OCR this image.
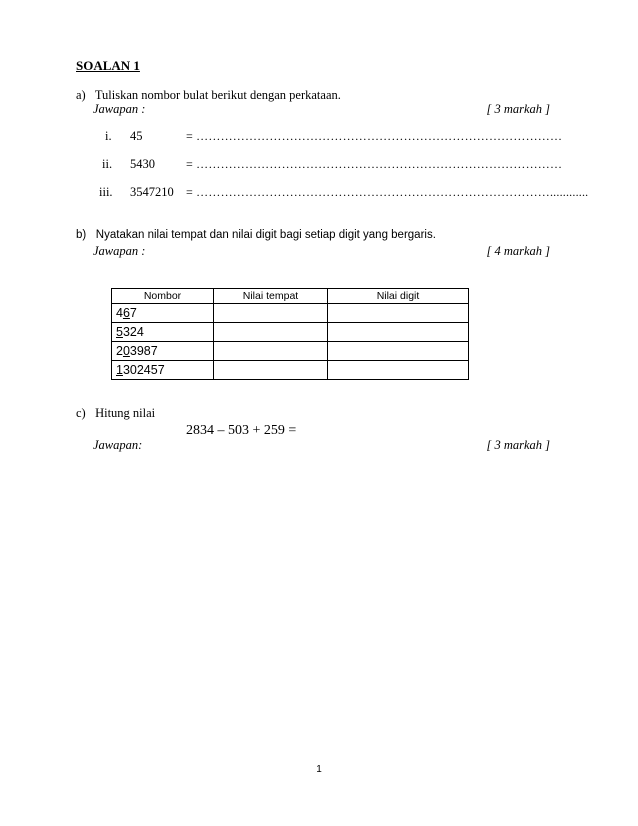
SOALAN 1
a)   Tuliskan nombor bulat berikut dengan perkataan.
Jawapan :	[ 3 markah ]
i. 45	= ………………………………………………………………………………
ii. 5430	= ………………………………………………………………………………
iii. 3547210 = ……………………………………………………………………………............
b)   Nyatakan nilai tempat dan nilai digit bagi setiap digit yang bergaris.
Jawapan :	[ 4 markah ]
Nombor	Nilai tempat	Nilai digit
467		
5324		
203987		
1302457		
c)   Hitung nilai
2834 – 503 + 259 =
Jawapan:	[ 3 markah ]
1
